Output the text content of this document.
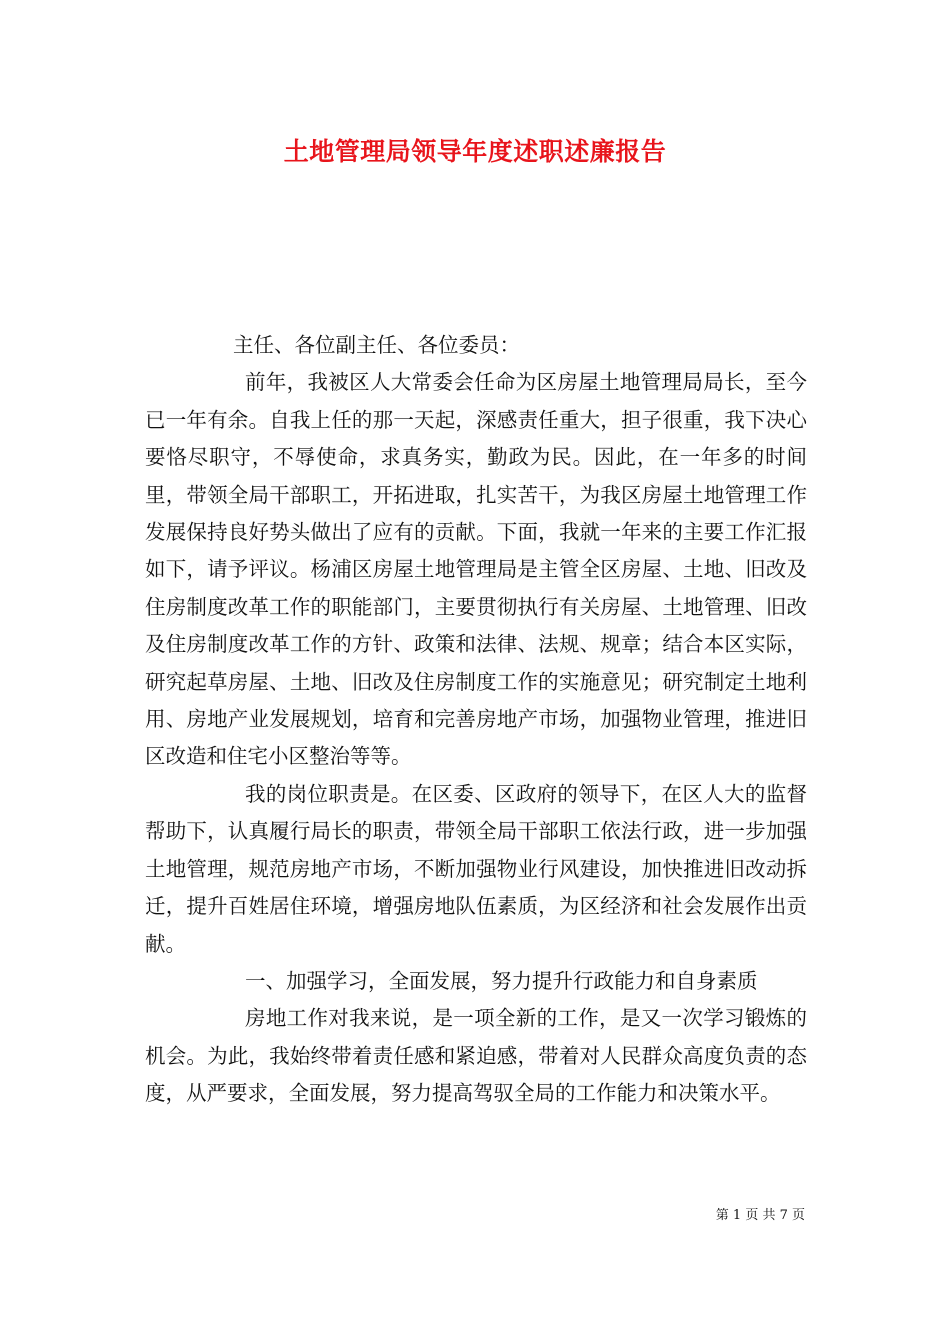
土地管理局领导年度述职述廉报告

主任、各位副主任、各位委员：

前年，我被区人大常委会任命为区房屋土地管理局局长，至今已一年有余。自我上任的那一天起，深感责任重大，担子很重，我下决心要恪尽职守，不辱使命，求真务实，勤政为民。因此，在一年多的时间里，带领全局干部职工，开拓进取，扎实苦干，为我区房屋土地管理工作发展保持良好势头做出了应有的贡献。下面，我就一年来的主要工作汇报如下，请予评议。杨浦区房屋土地管理局是主管全区房屋、土地、旧改及住房制度改革工作的职能部门，主要贯彻执行有关房屋、土地管理、旧改及住房制度改革工作的方针、政策和法律、法规、规章；结合本区实际，研究起草房屋、土地、旧改及住房制度工作的实施意见；研究制定土地利用、房地产业发展规划，培育和完善房地产市场，加强物业管理，推进旧区改造和住宅小区整治等等。

我的岗位职责是。在区委、区政府的领导下，在区人大的监督帮助下，认真履行局长的职责，带领全局干部职工依法行政，进一步加强土地管理，规范房地产市场，不断加强物业行风建设，加快推进旧改动拆迁，提升百姓居住环境，增强房地队伍素质，为区经济和社会发展作出贡献。

一、加强学习，全面发展，努力提升行政能力和自身素质

房地工作对我来说，是一项全新的工作，是又一次学习锻炼的机会。为此，我始终带着责任感和紧迫感，带着对人民群众高度负责的态度，从严要求，全面发展，努力提高驾驭全局的工作能力和决策水平。

第 1 页 共 7 页
